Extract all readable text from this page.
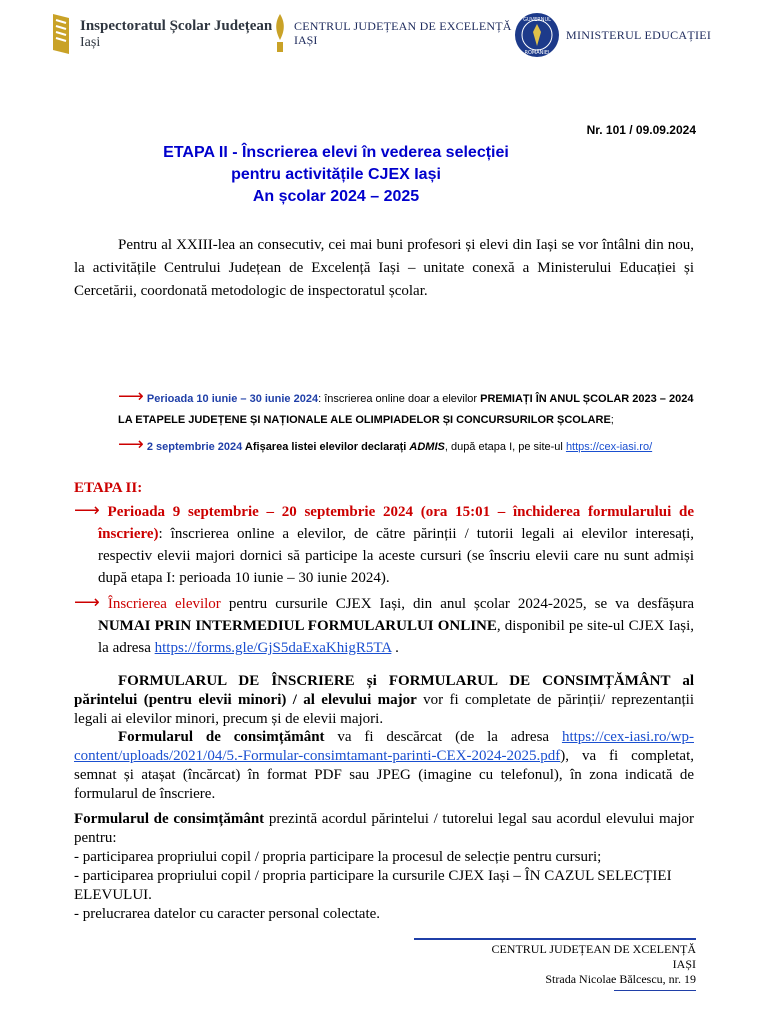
Inspectoratul Școlar Județean
Iași
CENTRUL JUDEȚEAN DE EXCELENȚĂ
IAȘI
GUVERNUL
ROMÂNIEI
MINISTERUL EDUCAȚIEI
Nr. 101 / 09.09.2024
ETAPA II - Înscrierea elevi în vederea selecției
pentru activitățile CJEX Iași
An școlar 2024 – 2025
Pentru al XXIII-lea an consecutiv, cei mai buni profesori și elevi din Iași se vor întâlni din nou, la activitățile Centrului Județean de Excelență Iași – unitate conexă a Ministerului Educației și Cercetării, coordonată metodologic de inspectoratul școlar.
⟶ Perioada 10 iunie – 30 iunie 2024: înscrierea online doar a elevilor PREMIAȚI ÎN ANUL ȘCOLAR 2023 – 2024 LA ETAPELE JUDEȚENE ȘI NAȚIONALE ALE OLIMPIADELOR ȘI CONCURSURILOR ȘCOLARE;
⟶ 2 septembrie 2024 Afișarea listei elevilor declarați ADMIS, după etapa I, pe site-ul https://cex-iasi.ro/
ETAPA II:
⟶ Perioada 9 septembrie – 20 septembrie 2024 (ora 15:01 – închiderea formularului de înscriere): înscrierea online a elevilor, de către părinții / tutorii legali ai elevilor interesați, respectiv elevii majori dornici să participe la aceste cursuri (se înscriu elevii care nu sunt admiși după etapa I: perioada 10 iunie – 30 iunie 2024).
⟶ Înscrierea elevilor pentru cursurile CJEX Iași, din anul școlar 2024-2025, se va desfășura NUMAI PRIN INTERMEDIUL FORMULARULUI ONLINE, disponibil pe site-ul CJEX Iași, la adresa https://forms.gle/GjS5daExaKhigR5TA .
FORMULARUL DE ÎNSCRIERE și FORMULARUL DE CONSIMȚĂMÂNT al părintelui (pentru elevii minori) / al elevului major vor fi completate de părinții/ reprezentanții legali ai elevilor minori, precum și de elevii majori.
Formularul de consimțământ va fi descărcat (de la adresa https://cex-iasi.ro/wp-content/uploads/2021/04/5.-Formular-consimtamant-parinti-CEX-2024-2025.pdf), va fi completat, semnat și atașat (încărcat) în format PDF sau JPEG (imagine cu telefonul), în zona indicată de formularul de înscriere.
Formularul de consimțământ prezintă acordul părintelui / tutorelui legal sau acordul elevului major pentru:
- participarea propriului copil / propria participare la procesul de selecție pentru cursuri;
- participarea propriului copil / propria participare la cursurile CJEX Iași – ÎN CAZUL SELECȚIEI ELEVULUI.
- prelucrarea datelor cu caracter personal colectate.
CENTRUL JUDEȚEAN DE XCELENȚĂ
IAȘI
Strada Nicolae Bălcescu, nr. 19
